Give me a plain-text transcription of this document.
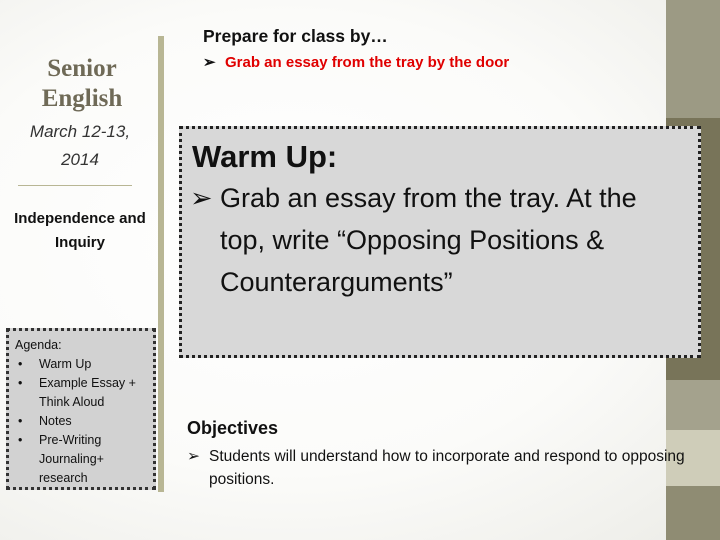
Senior English
March 12-13, 2014
Independence and Inquiry
Agenda:
• Warm Up
• Example Essay + Think Aloud
• Notes
• Pre-Writing Journaling+ research
Prepare for class by…
➢ Grab an essay from the tray by the door
Warm Up:
➢ Grab an essay from the tray. At the top, write “Opposing Positions & Counterarguments”
Objectives
➢ Students will understand how to incorporate and respond to opposing positions.
